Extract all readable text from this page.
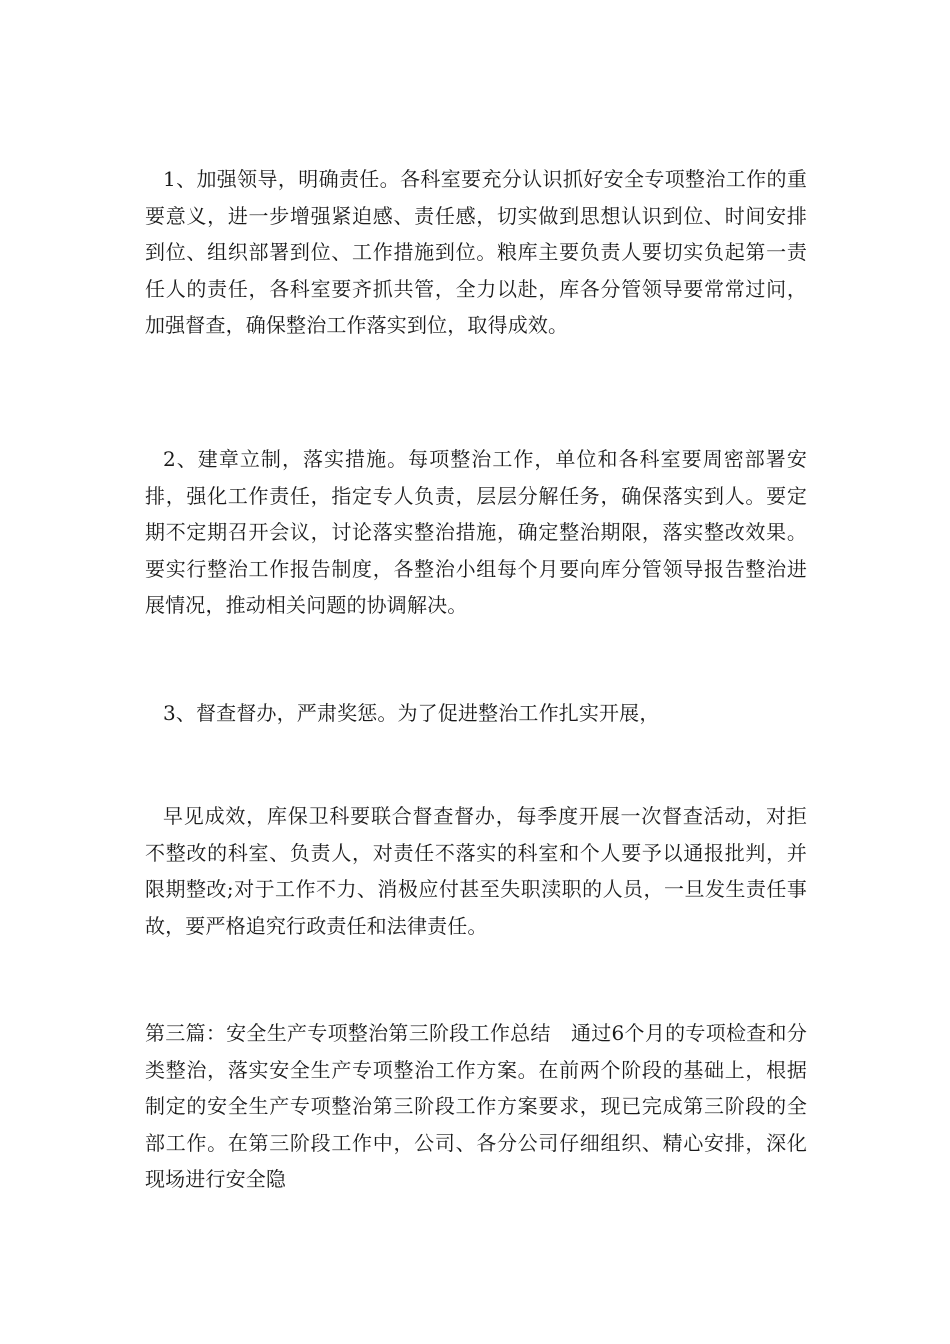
1、加强领导，明确责任。各科室要充分认识抓好安全专项整治工作的重要意义，进一步增强紧迫感、责任感，切实做到思想认识到位、时间安排到位、组织部署到位、工作措施到位。粮库主要负责人要切实负起第一责任人的责任，各科室要齐抓共管，全力以赴，库各分管领导要常常过问，加强督查，确保整治工作落实到位，取得成效。

2、建章立制，落实措施。每项整治工作，单位和各科室要周密部署安排，强化工作责任，指定专人负责，层层分解任务，确保落实到人。要定期不定期召开会议，讨论落实整治措施，确定整治期限，落实整改效果。要实行整治工作报告制度，各整治小组每个月要向库分管领导报告整治进展情况，推动相关问题的协调解决。

3、督查督办，严肃奖惩。为了促进整治工作扎实开展，

早见成效，库保卫科要联合督查督办，每季度开展一次督查活动，对拒不整改的科室、负责人，对责任不落实的科室和个人要予以通报批判，并限期整改;对于工作不力、消极应付甚至失职渎职的人员，一旦发生责任事故，要严格追究行政责任和法律责任。

第三篇：安全生产专项整治第三阶段工作总结　通过6个月的专项检查和分类整治，落实安全生产专项整治工作方案。在前两个阶段的基础上，根据制定的安全生产专项整治第三阶段工作方案要求，现已完成第三阶段的全部工作。在第三阶段工作中，公司、各分公司仔细组织、精心安排，深化现场进行安全隐
